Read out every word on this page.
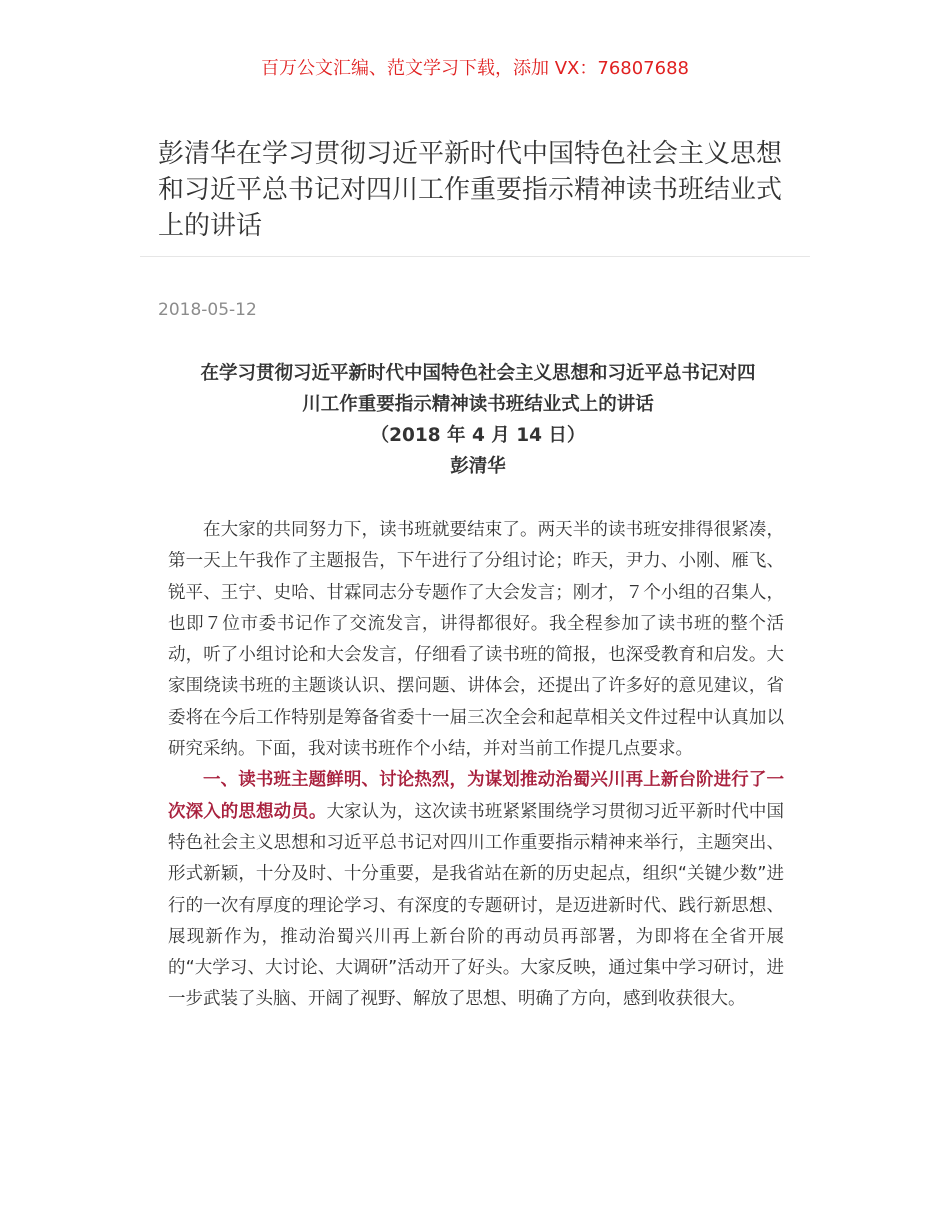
百万公文汇编、范文学习下载，添加 VX：76807688
彭清华在学习贯彻习近平新时代中国特色社会主义思想和习近平总书记对四川工作重要指示精神读书班结业式上的讲话
2018-05-12
在学习贯彻习近平新时代中国特色社会主义思想和习近平总书记对四
川工作重要指示精神读书班结业式上的讲话
（2018 年 4 月 14 日）
彭清华

在大家的共同努力下，读书班就要结束了。两天半的读书班安排得很紧凑，第一天上午我作了主题报告，下午进行了分组讨论；昨天，尹力、小刚、雁飞、锐平、王宁、史哈、甘霖同志分专题作了大会发言；刚才，７个小组的召集人，也即７位市委书记作了交流发言，讲得都很好。我全程参加了读书班的整个活动，听了小组讨论和大会发言，仔细看了读书班的简报，也深受教育和启发。大家围绕读书班的主题谈认识、摆问题、讲体会，还提出了许多好的意见建议，省委将在今后工作特别是筹备省委十一届三次全会和起草相关文件过程中认真加以研究采纳。下面，我对读书班作个小结，并对当前工作提几点要求。

一、读书班主题鲜明、讨论热烈，为谋划推动治蜀兴川再上新台阶进行了一次深入的思想动员。大家认为，这次读书班紧紧围绕学习贯彻习近平新时代中国特色社会主义思想和习近平总书记对四川工作重要指示精神来举行，主题突出、形式新颖，十分及时、十分重要，是我省站在新的历史起点，组织“关键少数”进行的一次有厚度的理论学习、有深度的专题研讨，是迈进新时代、践行新思想、展现新作为，推动治蜀兴川再上新台阶的再动员再部署，为即将在全省开展的“大学习、大讨论、大调研”活动开了好头。大家反映，通过集中学习研讨，进一步武装了头脑、开阔了视野、解放了思想、明确了方向，感到收获很大。
